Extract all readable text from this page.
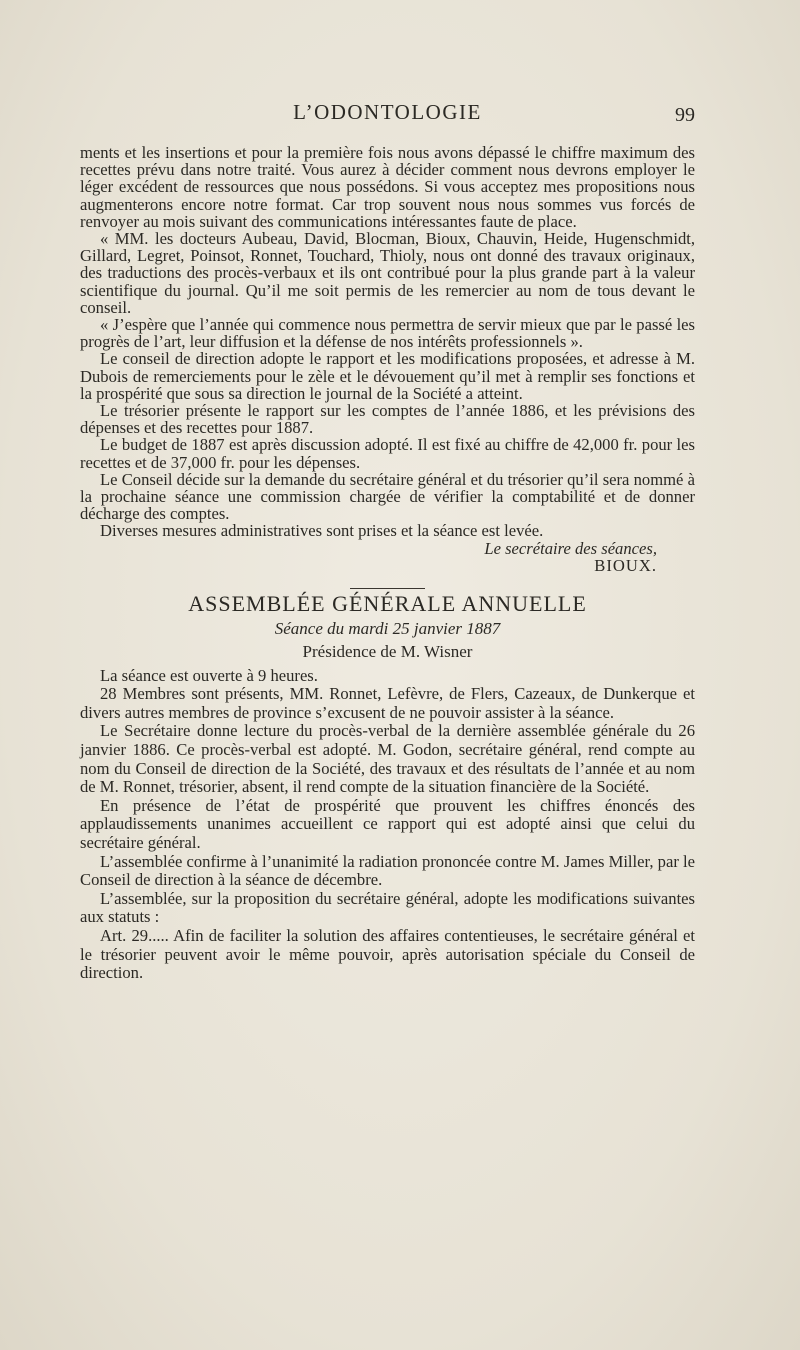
L’ODONTOLOGIE	99

ments et les insertions et pour la première fois nous avons dépassé le chiffre maximum des recettes prévu dans notre traité. Vous aurez à décider comment nous devrons employer le léger excédent de ressources que nous possédons. Si vous acceptez mes propositions nous augmenterons encore notre format. Car trop souvent nous nous sommes vus forcés de renvoyer au mois suivant des communications intéressantes faute de place.

« MM. les docteurs Aubeau, David, Blocman, Bioux, Chauvin, Heide, Hugenschmidt, Gillard, Legret, Poinsot, Ronnet, Touchard, Thioly, nous ont donné des travaux originaux, des traductions des procès-verbaux et ils ont contribué pour la plus grande part à la valeur scientifique du journal. Qu’il me soit permis de les remercier au nom de tous devant le conseil.

« J’espère que l’année qui commence nous permettra de servir mieux que par le passé les progrès de l’art, leur diffusion et la défense de nos intérêts professionnels ».

Le conseil de direction adopte le rapport et les modifications proposées, et adresse à M. Dubois de remerciements pour le zèle et le dévouement qu’il met à remplir ses fonctions et la prospérité que sous sa direction le journal de la Société a atteint.

Le trésorier présente le rapport sur les comptes de l’année 1886, et les prévisions des dépenses et des recettes pour 1887.

Le budget de 1887 est après discussion adopté. Il est fixé au chiffre de 42,000 fr. pour les recettes et de 37,000 fr. pour les dépenses.

Le Conseil décide sur la demande du secrétaire général et du trésorier qu’il sera nommé à la prochaine séance une commission chargée de vérifier la comptabilité et de donner décharge des comptes.

Diverses mesures administratives sont prises et la séance est levée.

Le secrétaire des séances,

BIOUX.

ASSEMBLÉE GÉNÉRALE ANNUELLE
Séance du mardi 25 janvier 1887
Présidence de M. Wisner

La séance est ouverte à 9 heures.

28 Membres sont présents, MM. Ronnet, Lefèvre, de Flers, Cazeaux, de Dunkerque et divers autres membres de province s’excusent de ne pouvoir assister à la séance.

Le Secrétaire donne lecture du procès-verbal de la dernière assemblée générale du 26 janvier 1886. Ce procès-verbal est adopté. M. Godon, secrétaire général, rend compte au nom du Conseil de direction de la Société, des travaux et des résultats de l’année et au nom de M. Ronnet, trésorier, absent, il rend compte de la situation financière de la Société.

En présence de l’état de prospérité que prouvent les chiffres énoncés des applaudissements unanimes accueillent ce rapport qui est adopté ainsi que celui du secrétaire général.

L’assemblée confirme à l’unanimité la radiation prononcée contre M. James Miller, par le Conseil de direction à la séance de décembre.

L’assemblée, sur la proposition du secrétaire général, adopte les modifications suivantes aux statuts :

Art. 29..... Afin de faciliter la solution des affaires contentieuses, le secrétaire général et le trésorier peuvent avoir le même pouvoir, après autorisation spéciale du Conseil de direction.
